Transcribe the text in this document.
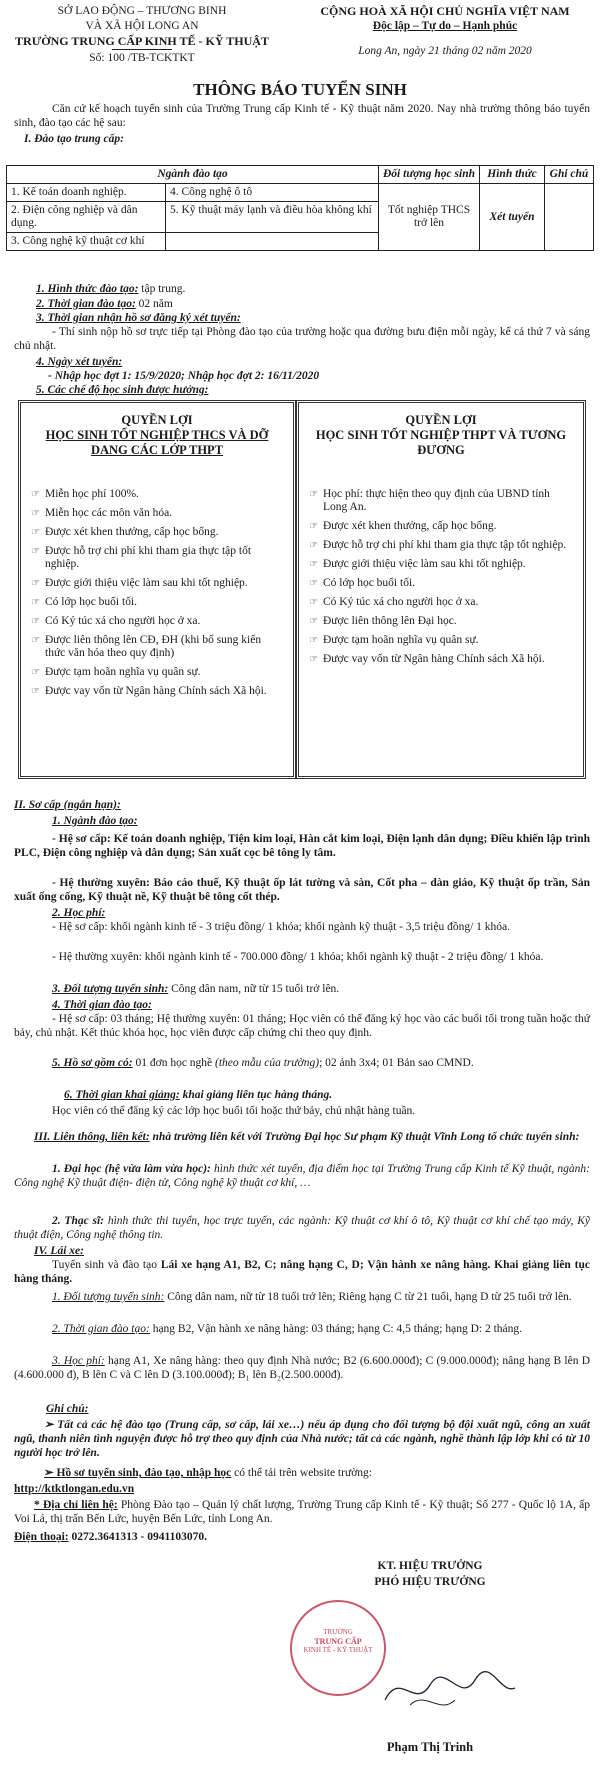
SỞ LAO ĐỘNG – THƯƠNG BINH
VÀ XÃ HỘI LONG AN
TRƯỜNG TRUNG CẤP KINH TẾ - KỸ THUẬT
Số: 100 /TB-TCKTKT
CỘNG HOÀ XÃ HỘI CHỦ NGHĨA VIỆT NAM
Độc lập – Tự do – Hạnh phúc
Long An, ngày 21 tháng 02 năm 2020
THÔNG BÁO TUYỂN SINH
Căn cứ kế hoạch tuyển sinh của Trường Trung cấp Kinh tế - Kỹ thuật năm 2020. Nay nhà trường thông báo tuyển sinh, đào tạo các hệ sau:
I. Đào tạo trung cấp:
Ngành đào tạo		Đối tượng học sinh	Hình thức	Ghi chú
1. Kế toán doanh nghiệp.	4. Công nghệ ô tô	Tốt nghiệp THCS trở lên	Xét tuyển	
2. Điện công nghiệp và dân dụng.	5. Kỹ thuật máy lạnh và điều hòa không khí			
3. Công nghệ kỹ thuật cơ khí				
1. Hình thức đào tạo: tập trung.
2. Thời gian đào tạo: 02 năm
3. Thời gian nhận hồ sơ đăng ký xét tuyển:
- Thí sinh nộp hồ sơ trực tiếp tại Phòng đào tạo của trường hoặc qua đường bưu điện mỗi ngày, kể cả thứ 7 và sáng chủ nhật.
4. Ngày xét tuyển:
- Nhập học đợt 1: 15/9/2020; Nhập học đợt 2: 16/11/2020
5. Các chế độ học sinh được hưởng:
QUYỀN LỢI
HỌC SINH TỐT NGHIỆP THCS VÀ DỠ DANG CÁC LỚP THPT
☞ Miễn học phí 100%.
☞ Miễn học các môn văn hóa.
☞ Được xét khen thưởng, cấp học bổng.
☞ Được hỗ trợ chi phí khi tham gia thực tập tốt nghiệp.
☞ Được giới thiệu việc làm sau khi tốt nghiệp.
☞ Có lớp học buổi tối.
☞ Có Ký túc xá cho người học ở xa.
☞ Được liên thông lên CĐ, ĐH (khi bổ sung kiến thức văn hóa theo quy định)
☞ Được tạm hoãn nghĩa vụ quân sự.
☞ Được vay vốn từ Ngân hàng Chính sách Xã hội.
QUYỀN LỢI
HỌC SINH TỐT NGHIỆP THPT VÀ TƯƠNG ĐƯƠNG
☞ Học phí: thực hiện theo quy định của UBND tỉnh Long An.
☞ Được xét khen thưởng, cấp học bổng.
☞ Được hỗ trợ chi phí khi tham gia thực tập tốt nghiệp.
☞ Được giới thiệu việc làm sau khi tốt nghiệp.
☞ Có lớp học buổi tối.
☞ Có Ký túc xá cho người học ở xa.
☞ Được liên thông lên Đại học.
☞ Được tạm hoãn nghĩa vụ quân sự.
☞ Được vay vốn từ Ngân hàng Chính sách Xã hội.
II. Sơ cấp (ngắn hạn):
1. Ngành đào tạo:
- Hệ sơ cấp: Kế toán doanh nghiệp, Tiện kim loại, Hàn cắt kim loại, Điện lạnh dân dụng; Điều khiển lập trình PLC, Điện công nghiệp và dân dụng; Sản xuất cọc bê tông ly tâm.
- Hệ thường xuyên: Báo cáo thuế, Kỹ thuật ốp lát tường và sàn, Cốt pha – dàn giáo, Kỹ thuật ốp trần, Sản xuất ống cống, Kỹ thuật nề, Kỹ thuật bê tông cốt thép.
2. Học phí:
- Hệ sơ cấp: khối ngành kinh tế - 3 triệu đồng/ 1 khóa; khối ngành kỹ thuật - 3,5 triệu đồng/ 1 khóa.
- Hệ thường xuyên: khối ngành kinh tế - 700.000 đồng/ 1 khóa; khối ngành kỹ thuật - 2 triệu đồng/ 1 khóa.
3. Đối tượng tuyển sinh: Công dân nam, nữ từ 15 tuổi trở lên.
4. Thời gian đào tạo:
- Hệ sơ cấp: 03 tháng; Hệ thường xuyên: 01 tháng; Học viên có thể đăng ký học vào các buổi tối trong tuần hoặc thứ bảy, chủ nhật. Kết thúc khóa học, học viên được cấp chứng chỉ theo quy định.
5. Hồ sơ gồm có: 01 đơn học nghề (theo mẫu của trường); 02 ảnh 3x4; 01 Bản sao CMND.
6. Thời gian khai giảng: khai giảng liên tục hàng tháng.
Học viên có thể đăng ký các lớp học buổi tối hoặc thứ bảy, chủ nhật hàng tuần.
III. Liên thông, liên kết: nhà trường liên kết với Trường Đại học Sư phạm Kỹ thuật Vĩnh Long tổ chức tuyển sinh:
1. Đại học (hệ vừa làm vừa học): hình thức xét tuyển, địa điểm học tại Trường Trung cấp Kinh tế Kỹ thuật, ngành: Công nghệ Kỹ thuật điện- điện tử, Công nghệ kỹ thuật cơ khí, …
2. Thạc sĩ: hình thức thi tuyển, học trực tuyến, các ngành: Kỹ thuật cơ khí ô tô, Kỹ thuật cơ khí chế tạo máy, Kỹ thuật điện, Công nghệ thông tin.
IV. Lái xe:
Tuyển sinh và đào tạo Lái xe hạng A1, B2, C; nâng hạng C, D; Vận hành xe nâng hàng. Khai giảng liên tục hàng tháng.
1. Đối tượng tuyển sinh: Công dân nam, nữ từ 18 tuổi trở lên; Riêng hạng C từ 21 tuổi, hạng D từ 25 tuổi trở lên.
2. Thời gian đào tạo: hạng B2, Vận hành xe nâng hàng: 03 tháng; hạng C: 4,5 tháng; hạng D: 2 tháng.
3. Học phí: hạng A1, Xe nâng hàng: theo quy định Nhà nước; B2 (6.600.000đ); C (9.000.000đ); nâng hạng B lên D (4.600.000 đ), B lên C và C lên D (3.100.000đ); B₁ lên B₂(2.500.000đ).
Ghi chú:
➢ Tất cả các hệ đào tạo (Trung cấp, sơ cấp, lái xe…) nếu áp dụng cho đối tượng bộ đội xuất ngũ, công an xuất ngũ, thanh niên tình nguyện được hỗ trợ theo quy định của Nhà nước; tất cả các ngành, nghề thành lập lớp khi có từ 10 người học trở lên.
➢ Hồ sơ tuyển sinh, đào tạo, nhập học có thể tải trên website trường:
http://ktktlongan.edu.vn
* Địa chỉ liên hệ: Phòng Đào tạo – Quản lý chất lượng, Trường Trung cấp Kinh tế - Kỹ thuật; Số 277 - Quốc lộ 1A, ấp Voi Lá, thị trấn Bến Lức, huyện Bến Lức, tỉnh Long An.
Điện thoại: 0272.3641313 - 0941103070.
KT. HIỆU TRƯỞNG
PHÓ HIỆU TRƯỞNG
TRƯỜNG
TRUNG CẤP
KINH TẾ - KỸ THUẬT
Phạm Thị Trinh
